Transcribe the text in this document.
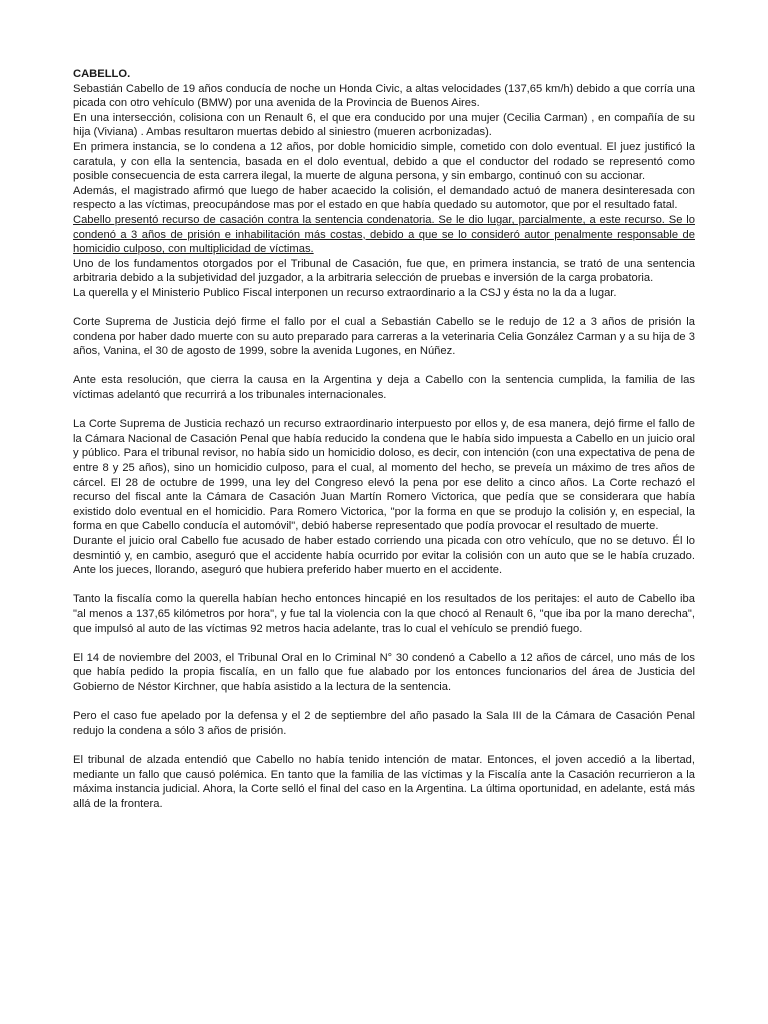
CABELLO.

Sebastián Cabello de 19 años conducía de noche un Honda Civic, a altas velocidades (137,65 km/h) debido a que corría una picada con otro vehículo (BMW) por una avenida de la Provincia de Buenos Aires.

En una intersección, colisiona con un Renault 6, el que era conducido por una mujer (Cecilia Carman) , en compañía de su hija (Viviana) . Ambas resultaron muertas debido al siniestro (mueren acrbonizadas).

En primera instancia, se lo condena a 12 años, por doble homicidio simple, cometido con dolo eventual. El juez justificó la caratula, y con ella la sentencia, basada en el dolo eventual, debido a que el conductor del rodado se representó como posible consecuencia de esta carrera ilegal, la muerte de alguna persona, y sin embargo, continuó con su accionar.

Además, el magistrado afirmó que luego de haber acaecido la colisión, el demandado actuó de manera desinteresada con respecto a las víctimas, preocupándose mas por el estado en que había quedado su automotor, que por el resultado fatal.

Cabello presentó recurso de casación contra la sentencia condenatoria. Se le dio lugar, parcialmente, a este recurso. Se lo condenó a 3 años de prisión e inhabilitación más costas, debido a que se lo consideró autor penalmente responsable de homicidio culposo, con multiplicidad de víctimas.

Uno de los fundamentos otorgados por el Tribunal de Casación, fue que, en primera instancia, se trató de una sentencia arbitraria debido a la subjetividad del juzgador, a la arbitraria selección de pruebas e inversión de la carga probatoria.

La querella y el Ministerio Publico Fiscal interponen un recurso extraordinario a la CSJ y ésta no la da a lugar.

Corte Suprema de Justicia dejó firme el fallo por el cual a Sebastián Cabello se le redujo de 12 a 3 años de prisión la condena por haber dado muerte con su auto preparado para carreras a la veterinaria Celia González Carman y a su hija de 3 años, Vanina, el 30 de agosto de 1999, sobre la avenida Lugones, en Núñez.

Ante esta resolución, que cierra la causa en la Argentina y deja a Cabello con la sentencia cumplida, la familia de las víctimas adelantó que recurrirá a los tribunales internacionales.

La Corte Suprema de Justicia rechazó un recurso extraordinario interpuesto por ellos y, de esa manera, dejó firme el fallo de la Cámara Nacional de Casación Penal que había reducido la condena que le había sido impuesta a Cabello en un juicio oral y público. Para el tribunal revisor, no había sido un homicidio doloso, es decir, con intención (con una expectativa de pena de entre 8 y 25 años), sino un homicidio culposo, para el cual, al momento del hecho, se preveía un máximo de tres años de cárcel. El 28 de octubre de 1999, una ley del Congreso elevó la pena por ese delito a cinco años. La Corte rechazó el recurso del fiscal ante la Cámara de Casación Juan Martín Romero Victorica, que pedía que se considerara que había existido dolo eventual en el homicidio. Para Romero Victorica, "por la forma en que se produjo la colisión y, en especial, la forma en que Cabello conducía el automóvil", debió haberse representado que podía provocar el resultado de muerte.

Durante el juicio oral Cabello fue acusado de haber estado corriendo una picada con otro vehículo, que no se detuvo. Él lo desmintió y, en cambio, aseguró que el accidente había ocurrido por evitar la colisión con un auto que se le había cruzado. Ante los jueces, llorando, aseguró que hubiera preferido haber muerto en el accidente.

Tanto la fiscalía como la querella habían hecho entonces hincapié en los resultados de los peritajes: el auto de Cabello iba "al menos a 137,65 kilómetros por hora", y fue tal la violencia con la que chocó al Renault 6, "que iba por la mano derecha", que impulsó al auto de las víctimas 92 metros hacia adelante, tras lo cual el vehículo se prendió fuego.

El 14 de noviembre del 2003, el Tribunal Oral en lo Criminal N° 30 condenó a Cabello a 12 años de cárcel, uno más de los que había pedido la propia fiscalía, en un fallo que fue alabado por los entonces funcionarios del área de Justicia del Gobierno de Néstor Kirchner, que había asistido a la lectura de la sentencia.

Pero el caso fue apelado por la defensa y el 2 de septiembre del año pasado la Sala III de la Cámara de Casación Penal redujo la condena a sólo 3 años de prisión.

El tribunal de alzada entendió que Cabello no había tenido intención de matar. Entonces, el joven accedió a la libertad, mediante un fallo que causó polémica. En tanto que la familia de las víctimas y la Fiscalía ante la Casación recurrieron a la máxima instancia judicial. Ahora, la Corte selló el final del caso en la Argentina. La última oportunidad, en adelante, está más allá de la frontera.
